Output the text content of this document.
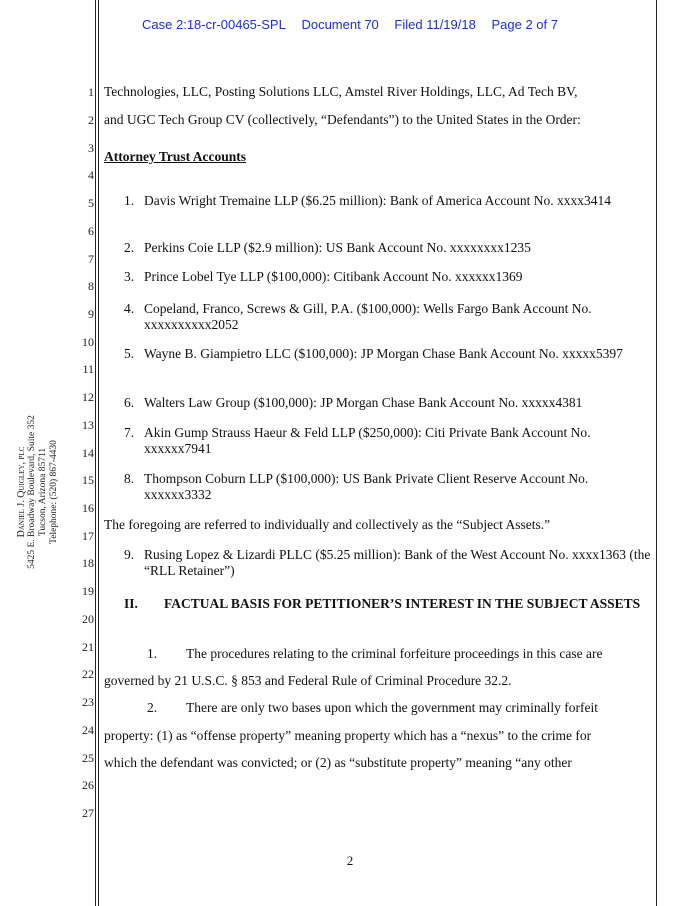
Case 2:18-cr-00465-SPL Document 70 Filed 11/19/18 Page 2 of 7
1
2
3
4
5
6
7
8
9
10
11
12
13
14
15
16
17
18
19
20
21
22
23
24
25
26
27
Daniel J. Quigley, plc 5425 E. Broadway Boulevard, Suite 352 Tucson, Arizona 85711 Telephone: (520) 867-4430
Technologies, LLC, Posting Solutions LLC, Amstel River Holdings, LLC, Ad Tech BV,
and UGC Tech Group CV (collectively, “Defendants”) to the United States in the Order:
Attorney Trust Accounts
1. Davis Wright Tremaine LLP ($6.25 million): Bank of America Account No. xxxx3414
2. Perkins Coie LLP ($2.9 million): US Bank Account No. xxxxxxxx1235
3. Prince Lobel Tye LLP ($100,000): Citibank Account No. xxxxxx1369
4. Copeland, Franco, Screws & Gill, P.A. ($100,000): Wells Fargo Bank Account No. xxxxxxxxxx2052
5. Wayne B. Giampietro LLC ($100,000): JP Morgan Chase Bank Account No. xxxxx5397
6. Walters Law Group ($100,000): JP Morgan Chase Bank Account No. xxxxx4381
7. Akin Gump Strauss Haeur & Feld LLP ($250,000): Citi Private Bank Account No. xxxxxx7941
8. Thompson Coburn LLP ($100,000): US Bank Private Client Reserve Account No. xxxxxx3332
The foregoing are referred to individually and collectively as the “Subject Assets.”
9. Rusing Lopez & Lizardi PLLC ($5.25 million): Bank of the West Account No. xxxx1363 (the “RLL Retainer”)
II. FACTUAL BASIS FOR PETITIONER’S INTEREST IN THE SUBJECT ASSETS
1. The procedures relating to the criminal forfeiture proceedings in this case are
governed by 21 U.S.C. § 853 and Federal Rule of Criminal Procedure 32.2.
2. There are only two bases upon which the government may criminally forfeit
property: (1) as “offense property” meaning property which has a “nexus” to the crime for
which the defendant was convicted; or (2) as “substitute property” meaning “any other
2
